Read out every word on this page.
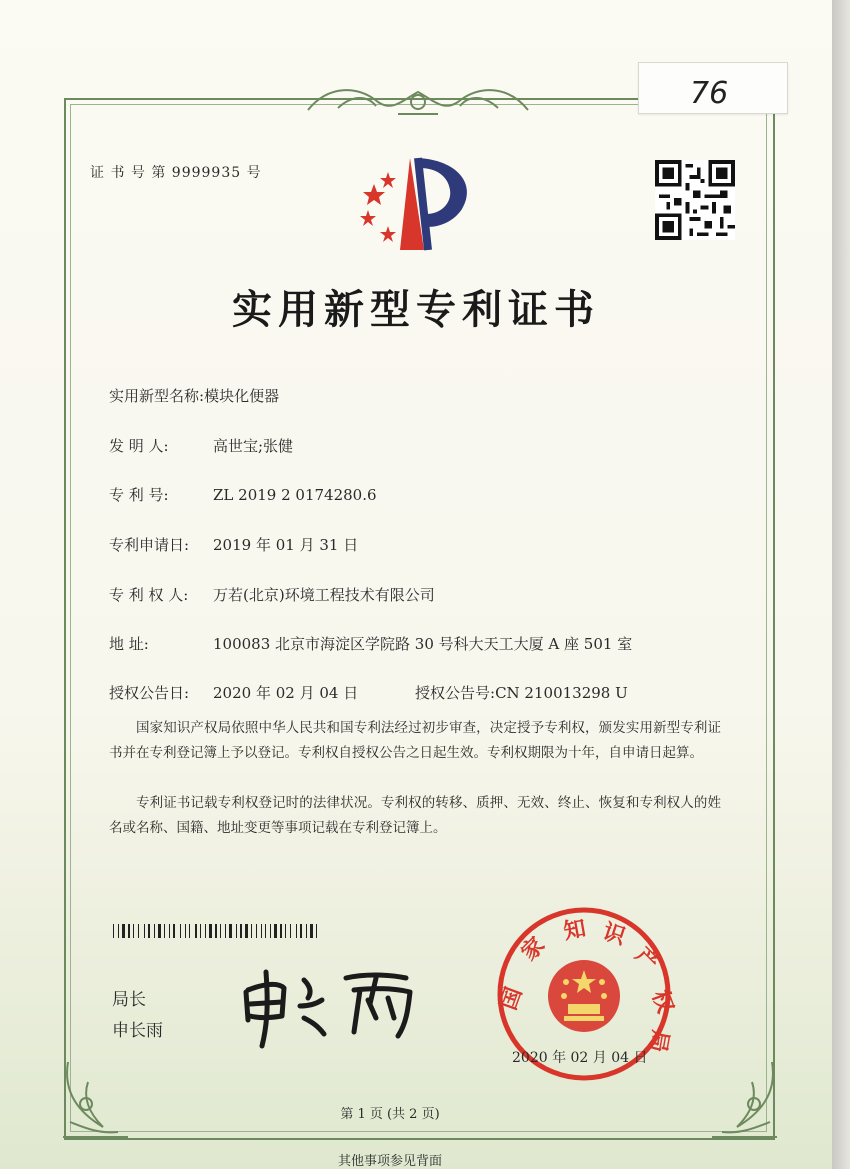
76
证 书 号 第 9999935 号
实用新型专利证书
实用新型名称:模块化便器
发 明 人:	高世宝;张健
专 利 号:	ZL 2019 2 0174280.6
专利申请日: 2019 年 01 月 31 日
专 利 权 人: 万若(北京)环境工程技术有限公司
地 址:	100083 北京市海淀区学院路 30 号科大天工大厦 A 座 501 室
授权公告日: 2020 年 02 月 04 日	授权公告号:CN 210013298 U
国家知识产权局依照中华人民共和国专利法经过初步审查，决定授予专利权，颁发实用新型专利证书并在专利登记簿上予以登记。专利权自授权公告之日起生效。专利权期限为十年，自申请日起算。
专利证书记载专利权登记时的法律状况。专利权的转移、质押、无效、终止、恢复和专利权人的姓名或名称、国籍、地址变更等事项记载在专利登记簿上。
局长
申长雨
国
家
知 识
产
权
局
2020 年 02 月 04 日
第 1 页 (共 2 页)
其他事项参见背面
